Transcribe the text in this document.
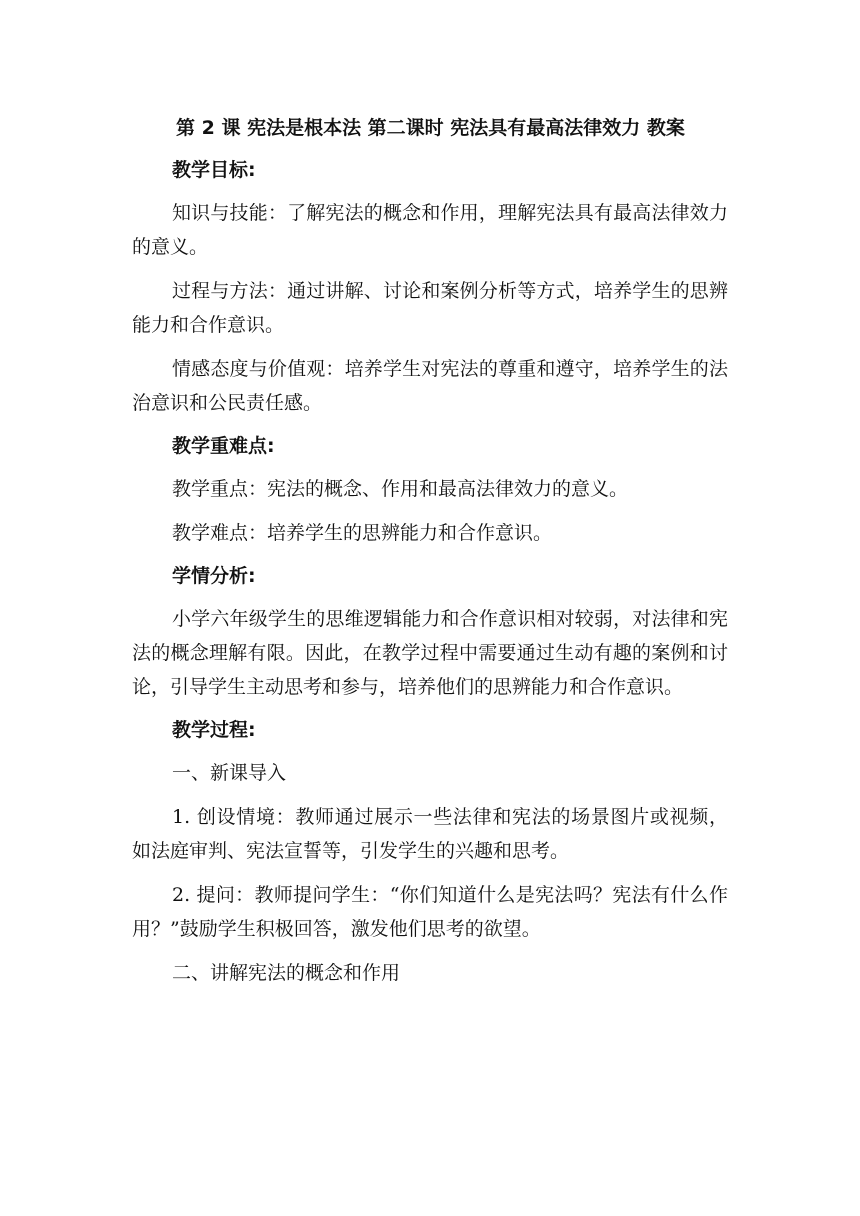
第 2 课 宪法是根本法 第二课时 宪法具有最高法律效力 教案
教学目标:
知识与技能：了解宪法的概念和作用，理解宪法具有最高法律效力的意义。
过程与方法：通过讲解、讨论和案例分析等方式，培养学生的思辨能力和合作意识。
情感态度与价值观：培养学生对宪法的尊重和遵守，培养学生的法治意识和公民责任感。
教学重难点:
教学重点：宪法的概念、作用和最高法律效力的意义。
教学难点：培养学生的思辨能力和合作意识。
学情分析:
小学六年级学生的思维逻辑能力和合作意识相对较弱，对法律和宪法的概念理解有限。因此，在教学过程中需要通过生动有趣的案例和讨论，引导学生主动思考和参与，培养他们的思辨能力和合作意识。
教学过程:
一、新课导入
1. 创设情境：教师通过展示一些法律和宪法的场景图片或视频，如法庭审判、宪法宣誓等，引发学生的兴趣和思考。
2. 提问：教师提问学生：“你们知道什么是宪法吗？宪法有什么作用？”鼓励学生积极回答，激发他们思考的欲望。
二、讲解宪法的概念和作用
